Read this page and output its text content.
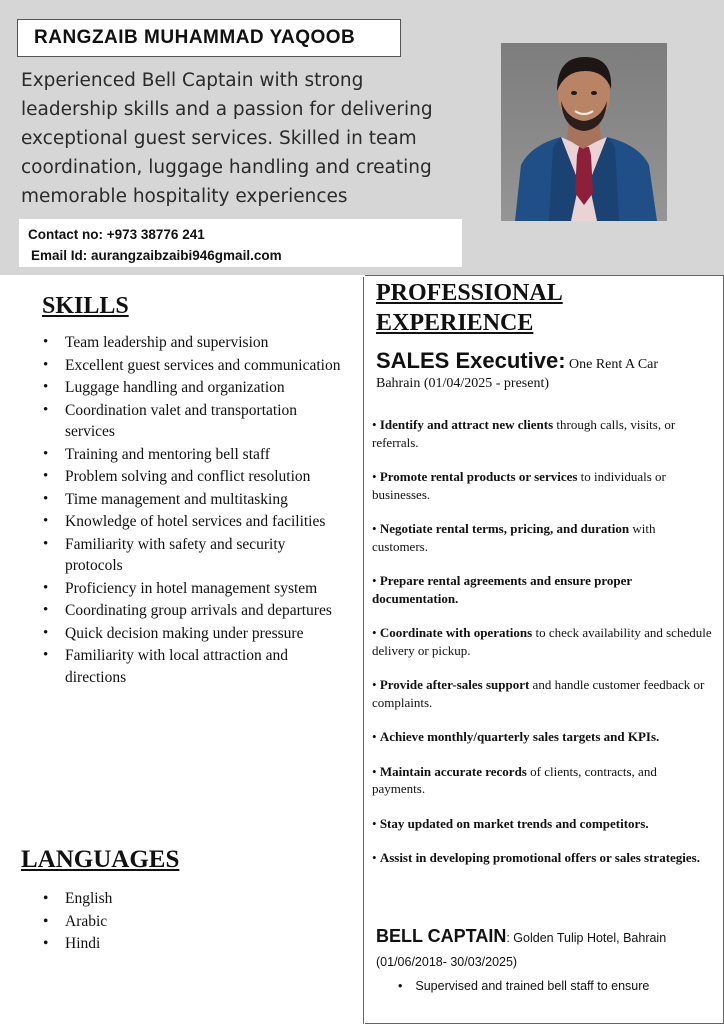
RANGZAIB MUHAMMAD YAQOOB
Experienced Bell Captain with strong leadership skills and a passion for delivering exceptional guest services. Skilled in team coordination, luggage handling and creating memorable hospitality experiences
Contact no: +973 38776 241
Email Id: aurangzaibzaibi946gmail.com
SKILLS
• Team leadership and supervision
• Excellent guest services and communication
• Luggage handling and organization
• Coordination valet and transportation services
• Training and mentoring bell staff
• Problem solving and conflict resolution
• Time management and multitasking
• Knowledge of hotel services and facilities
• Familiarity with safety and security protocols
• Proficiency in hotel management system
• Coordinating group arrivals and departures
• Quick decision making under pressure
• Familiarity with local attraction and directions
LANGUAGES
• English
• Arabic
• Hindi
PROFESSIONAL
EXPERIENCE
SALES Executive: One Rent A Car
Bahrain (01/04/2025 - present)
• Identify and attract new clients through calls, visits, or referrals.
• Promote rental products or services to individuals or businesses.
• Negotiate rental terms, pricing, and duration with customers.
• Prepare rental agreements and ensure proper documentation.
• Coordinate with operations to check availability and schedule delivery or pickup.
• Provide after-sales support and handle customer feedback or complaints.
• Achieve monthly/quarterly sales targets and KPIs.
• Maintain accurate records of clients, contracts, and payments.
• Stay updated on market trends and competitors.
• Assist in developing promotional offers or sales strategies.
BELL CAPTAIN: Golden Tulip Hotel, Bahrain
(01/06/2018- 30/03/2025)
• Supervised and trained bell staff to ensure
